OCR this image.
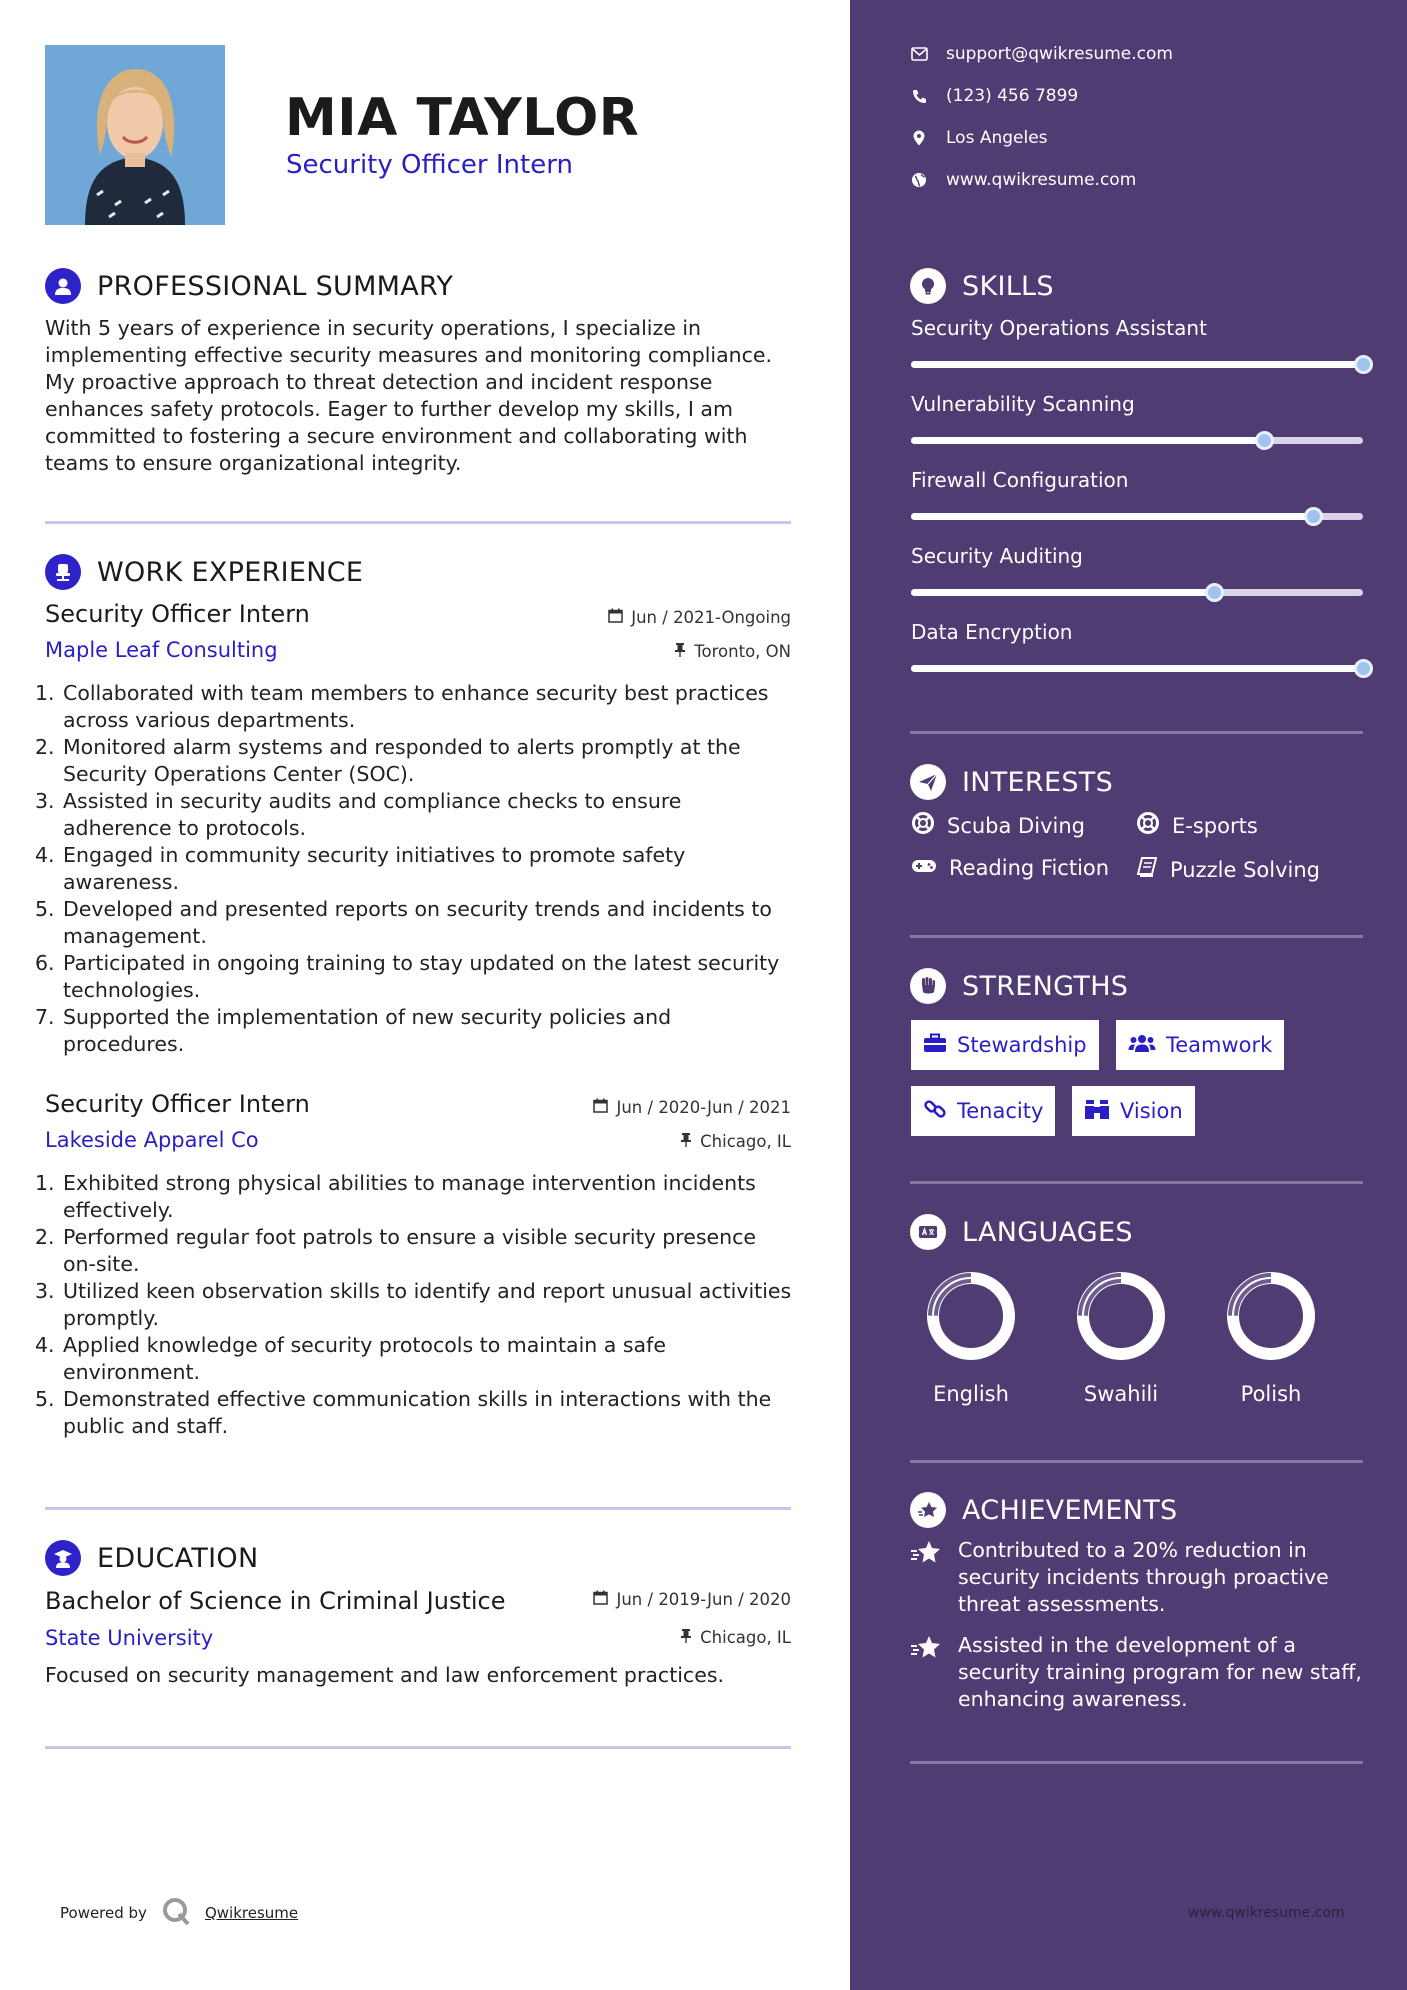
MIA TAYLOR
Security Officer Intern
PROFESSIONAL SUMMARY
With 5 years of experience in security operations, I specialize in implementing effective security measures and monitoring compliance. My proactive approach to threat detection and incident response enhances safety protocols. Eager to further develop my skills, I am committed to fostering a secure environment and collaborating with teams to ensure organizational integrity.
WORK EXPERIENCE
Security Officer Intern	Jun / 2021-Ongoing
Maple Leaf Consulting	Toronto, ON
1. Collaborated with team members to enhance security best practices across various departments.
2. Monitored alarm systems and responded to alerts promptly at the Security Operations Center (SOC).
3. Assisted in security audits and compliance checks to ensure adherence to protocols.
4. Engaged in community security initiatives to promote safety awareness.
5. Developed and presented reports on security trends and incidents to management.
6. Participated in ongoing training to stay updated on the latest security technologies.
7. Supported the implementation of new security policies and procedures.
Security Officer Intern	Jun / 2020-Jun / 2021
Lakeside Apparel Co	Chicago, IL
1. Exhibited strong physical abilities to manage intervention incidents effectively.
2. Performed regular foot patrols to ensure a visible security presence on-site.
3. Utilized keen observation skills to identify and report unusual activities promptly.
4. Applied knowledge of security protocols to maintain a safe environment.
5. Demonstrated effective communication skills in interactions with the public and staff.
EDUCATION
Bachelor of Science in Criminal Justice	Jun / 2019-Jun / 2020
State University	Chicago, IL
Focused on security management and law enforcement practices.
Powered by	Qwikresume
support@qwikresume.com
(123) 456 7899
Los Angeles
www.qwikresume.com
SKILLS
Security Operations Assistant
Vulnerability Scanning
Firewall Configuration
Security Auditing
Data Encryption
INTERESTS
Scuba Diving	E-sports
Reading Fiction	Puzzle Solving
STRENGTHS
Stewardship	Teamwork
Tenacity	Vision
LANGUAGES
English	Swahili	Polish
ACHIEVEMENTS
Contributed to a 20% reduction in security incidents through proactive threat assessments.
Assisted in the development of a security training program for new staff, enhancing awareness.
www.qwikresume.com
